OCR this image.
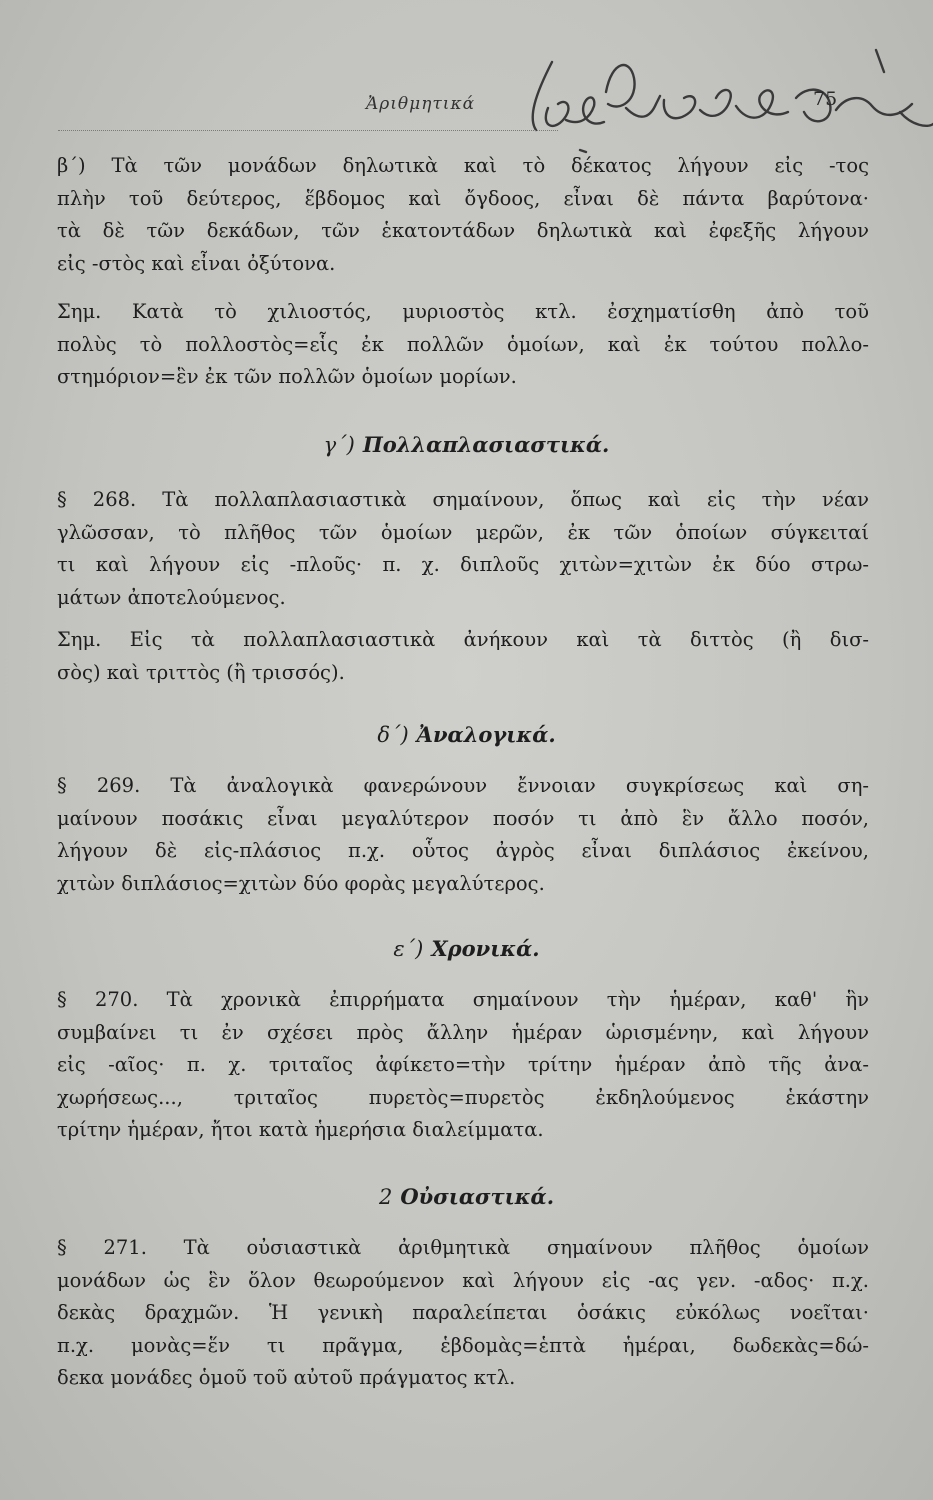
Ἀριθμητικά	75

β΄) Τὰ τῶν μονάδων δηλωτικὰ καὶ τὸ δέκατος λήγουν εἰς -τος
πλὴν τοῦ δεύτερος, ἕβδομος καὶ ὄγδοος, εἶναι δὲ πάντα βαρύτονα·
τὰ δὲ τῶν δεκάδων, τῶν ἑκατοντάδων δηλωτικὰ καὶ ἐφεξῆς λήγουν
εἰς -στὸς καὶ εἶναι ὀξύτονα.

Σημ. Κατὰ τὸ χιλιοστός, μυριοστὸς κτλ. ἐσχηματίσθη ἀπὸ τοῦ
πολὺς τὸ πολλοστὸς=εἷς ἐκ πολλῶν ὁμοίων, καὶ ἐκ τούτου πολλο-
στημόριον=ἓν ἐκ τῶν πολλῶν ὁμοίων μορίων.

γ΄) Πολλαπλασιαστικά.

§ 268. Τὰ πολλαπλασιαστικὰ σημαίνουν, ὅπως καὶ εἰς τὴν νέαν
γλῶσσαν, τὸ πλῆθος τῶν ὁμοίων μερῶν, ἐκ τῶν ὁποίων σύγκειταί
τι καὶ λήγουν εἰς -πλοῦς· π. χ. διπλοῦς χιτὼν=χιτὼν ἐκ δύο στρω-
μάτων ἀποτελούμενος.

Σημ. Εἰς τὰ πολλαπλασιαστικὰ ἀνήκουν καὶ τὰ διττὸς (ἢ δισ-
σὸς) καὶ τριττὸς (ἢ τρισσός).

δ΄) Ἀναλογικά.

§ 269. Τὰ ἀναλογικὰ φανερώνουν ἔννοιαν συγκρίσεως καὶ ση-
μαίνουν ποσάκις εἶναι μεγαλύτερον ποσόν τι ἀπὸ ἓν ἄλλο ποσόν,
λήγουν δὲ εἰς-πλάσιος π.χ. οὗτος ἀγρὸς εἶναι διπλάσιος ἐκείνου,
χιτὼν διπλάσιος=χιτὼν δύο φορὰς μεγαλύτερος.

ε΄) Χρονικά.

§ 270. Τὰ χρονικὰ ἐπιρρήματα σημαίνουν τὴν ἡμέραν, καθ' ἣν
συμβαίνει τι ἐν σχέσει πρὸς ἄλλην ἡμέραν ὡρισμένην, καὶ λήγουν
εἰς -αῖος· π. χ. τριταῖος ἀφίκετο=τὴν τρίτην ἡμέραν ἀπὸ τῆς ἀνα-
χωρήσεως..., τριταῖος πυρετὸς=πυρετὸς ἐκδηλούμενος ἑκάστην
τρίτην ἡμέραν, ἤτοι κατὰ ἡμερήσια διαλείμματα.

2 Οὐσιαστικά.

§ 271. Τὰ οὐσιαστικὰ ἀριθμητικὰ σημαίνουν πλῆθος ὁμοίων
μονάδων ὡς ἓν ὅλον θεωρούμενον καὶ λήγουν εἰς -ας γεν. -αδος· π.χ.
δεκὰς δραχμῶν. Ἡ γενικὴ παραλείπεται ὁσάκις εὐκόλως νοεῖται·
π.χ. μονὰς=ἕν τι πρᾶγμα, ἑβδομὰς=ἑπτὰ ἡμέραι, δωδεκὰς=δώ-
δεκα μονάδες ὁμοῦ τοῦ αὐτοῦ πράγματος κτλ.
